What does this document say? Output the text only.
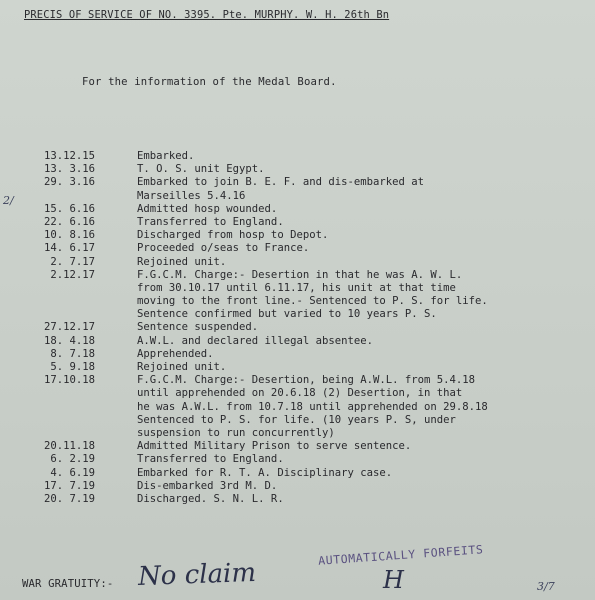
PRECIS OF SERVICE OF NO. 3395. Pte. MURPHY. W. H. 26th Bn
For the information of the Medal Board.
2/
13.12.15	Embarked.
13. 3.16	T. O. S. unit Egypt.
29. 3.16	Embarked to join B. E. F. and dis-embarked at
Marseilles 5.4.16
15. 6.16	Admitted hosp wounded.
22. 6.16	Transferred to England.
10. 8.16	Discharged from hosp to Depot.
14. 6.17	Proceeded o/seas to France.
2. 7.17	Rejoined unit.
2.12.17	F.G.C.M. Charge:- Desertion in that he was A. W. L.
from 30.10.17 until 6.11.17, his unit at that time
moving to the front line.- Sentenced to P. S. for life.
Sentence confirmed but varied to 10 years P. S.
27.12.17	Sentence suspended.
18. 4.18	A.W.L. and declared illegal absentee.
8. 7.18	Apprehended.
5. 9.18	Rejoined unit.
17.10.18	F.G.C.M. Charge:- Desertion, being A.W.L. from 5.4.18
until apprehended on 20.6.18 (2) Desertion, in that
he was A.W.L. from 10.7.18 until apprehended on 29.8.18
Sentenced to P. S. for life. (10 years P. S, under
suspension to run concurrently)
20.11.18	Admitted Military Prison to serve sentence.
6. 2.19	Transferred to England.
4. 6.19	Embarked for R. T. A. Disciplinary case.
17. 7.19	Dis-embarked 3rd M. D.
20. 7.19	Discharged. S. N. L. R.
WAR GRATUITY:- No claim
AUTOMATICALLY FORFEITS
H	3/7
